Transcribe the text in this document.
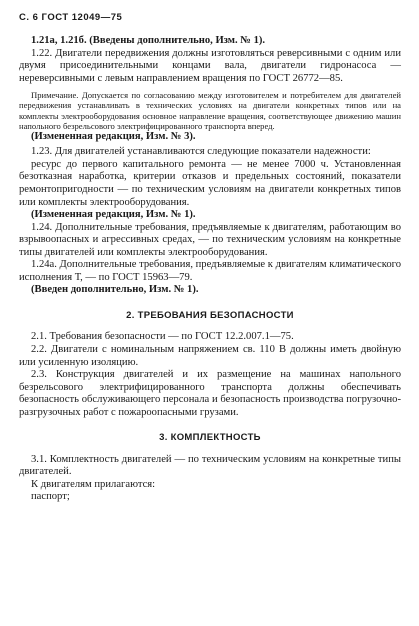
С. 6 ГОСТ 12049—75

1.21а, 1.21б. (Введены дополнительно, Изм. № 1).

1.22. Двигатели передвижения должны изготовляться реверсивными с одним или двумя присоединительными концами вала, двигатели гидронасоса — нереверсивными с левым направлением вращения по ГОСТ 26772—85.

Примечание. Допускается по согласованию между изготовителем и потребителем для двигателей передвижения устанавливать в технических условиях на двигатели конкретных типов или на комплекты электрооборудования основное направление вращения, соответствующее движению машин напольного безрельсового электрифицированного транспорта вперед.

(Измененная редакция, Изм. № 3).

1.23. Для двигателей устанавливаются следующие показатели надежности:

ресурс до первого капитального ремонта — не менее 7000 ч. Установленная безотказная наработка, критерии отказов и предельных состояний, показатели ремонтопригодности — по техническим условиям на двигатели конкретных типов или комплекты электрооборудования.

(Измененная редакция, Изм. № 1).

1.24. Дополнительные требования, предъявляемые к двигателям, работающим во взрывоопасных и агрессивных средах, — по техническим условиям на конкретные типы двигателей или комплекты электрооборудования.

1.24а. Дополнительные требования, предъявляемые к двигателям климатического исполнения Т, — по ГОСТ 15963—79.

(Введен дополнительно, Изм. № 1).

2. ТРЕБОВАНИЯ БЕЗОПАСНОСТИ

2.1. Требования безопасности — по ГОСТ 12.2.007.1—75.

2.2. Двигатели с номинальным напряжением св. 110 В должны иметь двойную или усиленную изоляцию.

2.3. Конструкция двигателей и их размещение на машинах напольного безрельсового электрифицированного транспорта должны обеспечивать безопасность обслуживающего персонала и безопасность производства погрузочно-разгрузочных работ с пожароопасными грузами.

3. КОМПЛЕКТНОСТЬ

3.1. Комплектность двигателей — по техническим условиям на конкретные типы двигателей.

К двигателям прилагаются:

паспорт;
